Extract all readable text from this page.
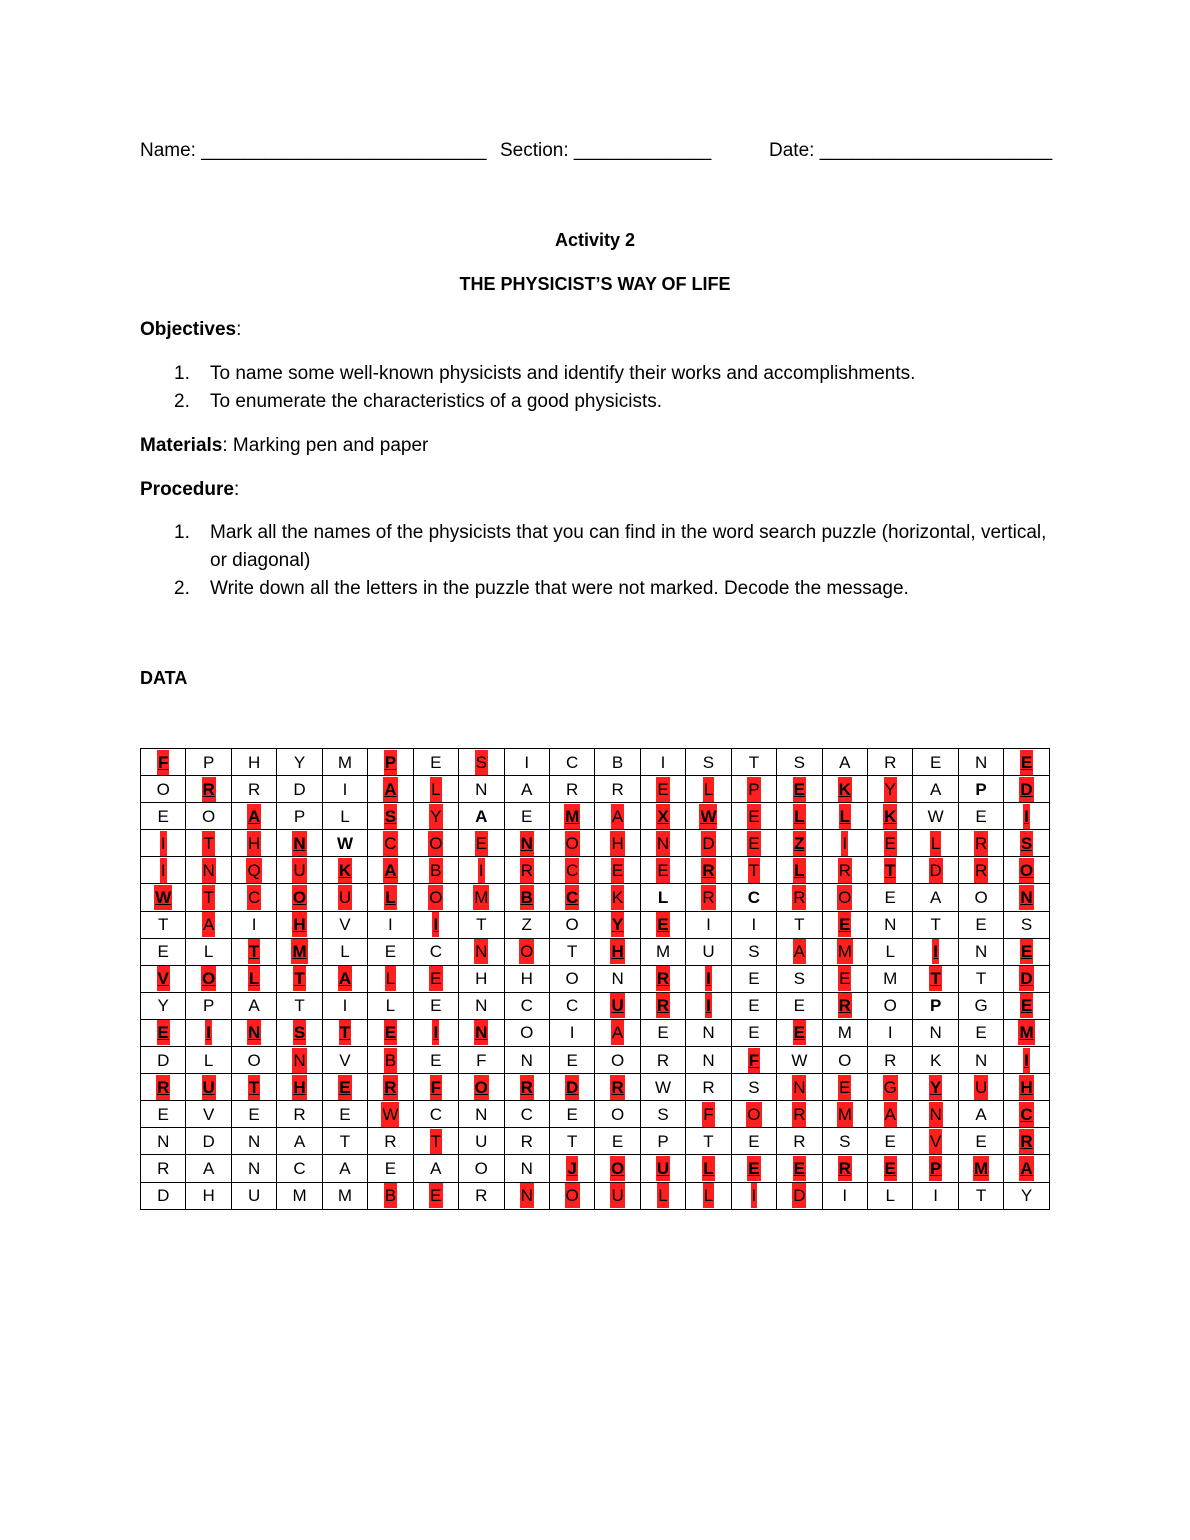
Name: ___________________________ Section: _____________	Date: ______________________
Activity 2
THE PHYSICIST’S WAY OF LIFE
Objectives:
1. To name some well-known physicists and identify their works and accomplishments.
2. To enumerate the characteristics of a good physicists.
Materials: Marking pen and paper
Procedure:
1. Mark all the names of the physicists that you can find in the word search puzzle (horizontal, vertical, or diagonal)
2. Write down all the letters in the puzzle that were not marked. Decode the message.
DATA
F	P	H	Y	M	P	E	S	I	C	B	I	S	T	S	A	R	E	N	E
O	R	R	D	I	A	L	N	A	R	R	E	L	P	E	K	Y	A	P	D
E	O	A	P	L	S	Y	A	E	M	A	X	W	E	L	L	K	W	E	I
I	T	H	N	W	C	O	E	N	O	H	N	D	E	Z	I	E	L	R	S
I	N	Q	U	K	A	B	I	R	C	E	E	R	T	L	R	T	D	R	O
W	T	C	O	U	L	O	M	B	C	K	L	R	C	R	O	E	A	O	N
T	A	I	H	V	I	I	T	Z	O	Y	E	I	I	T	E	N	T	E	S
E	L	T	M	L	E	C	N	O	T	H	M	U	S	A	M	L	I	N	E
V	O	L	T	A	L	E	H	H	O	N	R	I	E	S	E	M	T	T	D
Y	P	A	T	I	L	E	N	C	C	U	R	I	E	E	R	O	P	G	E
E	I	N	S	T	E	I	N	O	I	A	E	N	E	E	M	I	N	E	M
D	L	O	N	V	B	E	F	N	E	O	R	N	F	W	O	R	K	N	I
R	U	T	H	E	R	F	O	R	D	R	W	R	S	N	E	G	Y	U	H
E	V	E	R	E	W	C	N	C	E	O	S	F	O	R	M	A	N	A	C
N	D	N	A	T	R	T	U	R	T	E	P	T	E	R	S	E	V	E	R
R	A	N	C	A	E	A	O	N	J	O	U	L	E	E	R	E	P	M	A
D	H	U	M	M	B	E	R	N	O	U	L	L	I	D	I	L	I	T	Y
